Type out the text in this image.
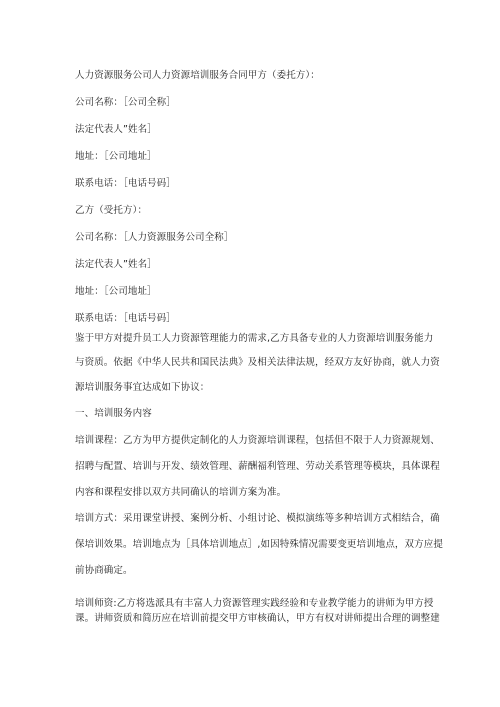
人力资源服务公司人力资源培训服务合同甲方（委托方）：
公司名称：［公司全称］
法定代表人”姓名］
地址：［公司地址］
联系电话：［电话号码］
乙方（受托方）：
公司名称：［人力资源服务公司全称］
法定代表人”姓名］
地址：［公司地址］
联系电话：［电话号码］
鉴于甲方对提升员工人力资源管理能力的需求,乙方具备专业的人力资源培训服务能力
与资质。依据《中华人民共和国民法典》及相关法律法规，经双方友好协商，就人力资
源培训服务事宜达成如下协议：
一、培训服务内容
培训课程：乙方为甲方提供定制化的人力资源培训课程，包括但不限于人力资源规划、
招聘与配置、培训与开发、绩效管理、薪酬福利管理、劳动关系管理等模块，具体课程
内容和课程安排以双方共同确认的培训方案为准。
培训方式：采用课堂讲授、案例分析、小组讨论、模拟演练等多种培训方式相结合，确
保培训效果。培训地点为［具体培训地点］,如因特殊情况需要变更培训地点，双方应提
前协商确定。
培训师资:乙方将选派具有丰富人力资源管理实践经验和专业教学能力的讲师为甲方授
课。讲师资质和简历应在培训前提交甲方审核确认，甲方有权对讲师提出合理的调整建
